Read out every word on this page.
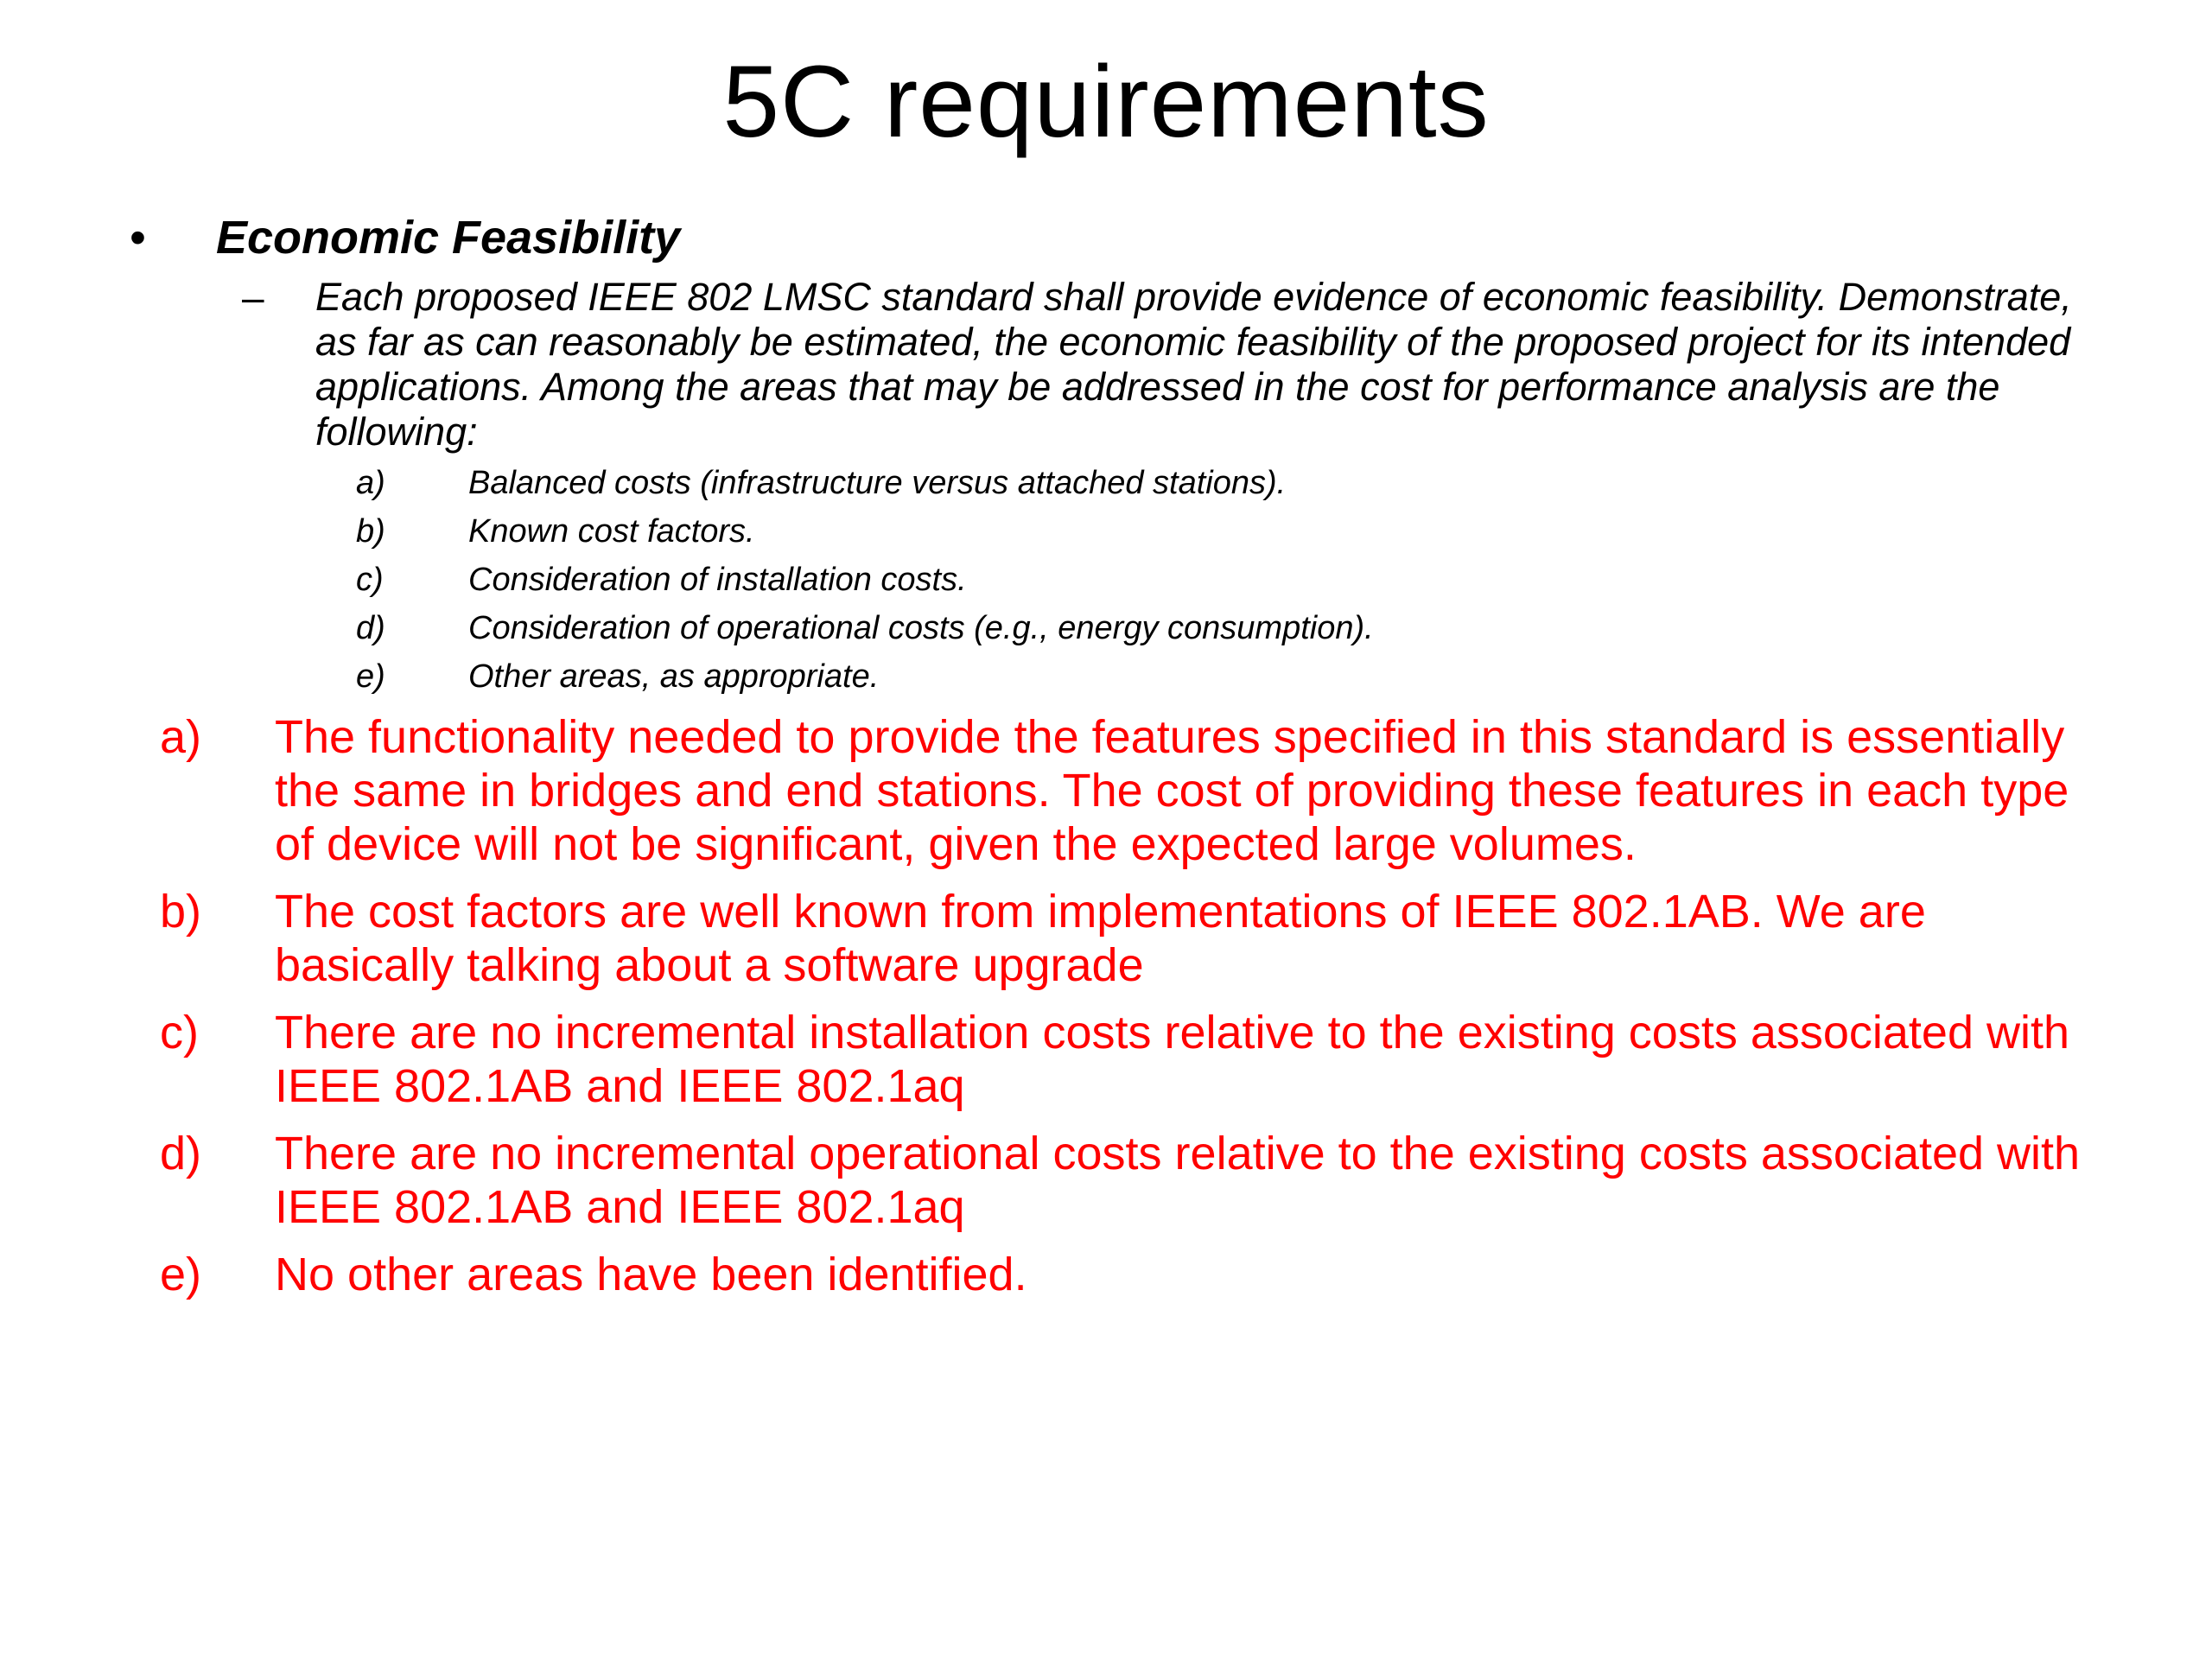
5C requirements
• Economic Feasibility
– Each proposed IEEE 802 LMSC standard shall provide evidence of economic feasibility. Demonstrate, as far as can reasonably be estimated, the economic feasibility of the proposed project for its intended applications. Among the areas that may be addressed in the cost for performance analysis are the following:
a)	Balanced costs (infrastructure versus attached stations).
b)	Known cost factors.
c)	Consideration of installation costs.
d)	Consideration of operational costs (e.g., energy consumption).
e)	Other areas, as appropriate.
a) The functionality needed to provide the features specified in this standard is essentially the same in bridges and end stations. The cost of providing these features in each type of device will not be significant, given the expected large volumes.
b) The cost factors are well known from implementations of IEEE 802.1AB. We are basically talking about a software upgrade
c) There are no incremental installation costs relative to the existing costs associated with IEEE 802.1AB and IEEE 802.1aq
d) There are no incremental operational costs relative to the existing costs associated with IEEE 802.1AB and IEEE 802.1aq
e) No other areas have been identified.
